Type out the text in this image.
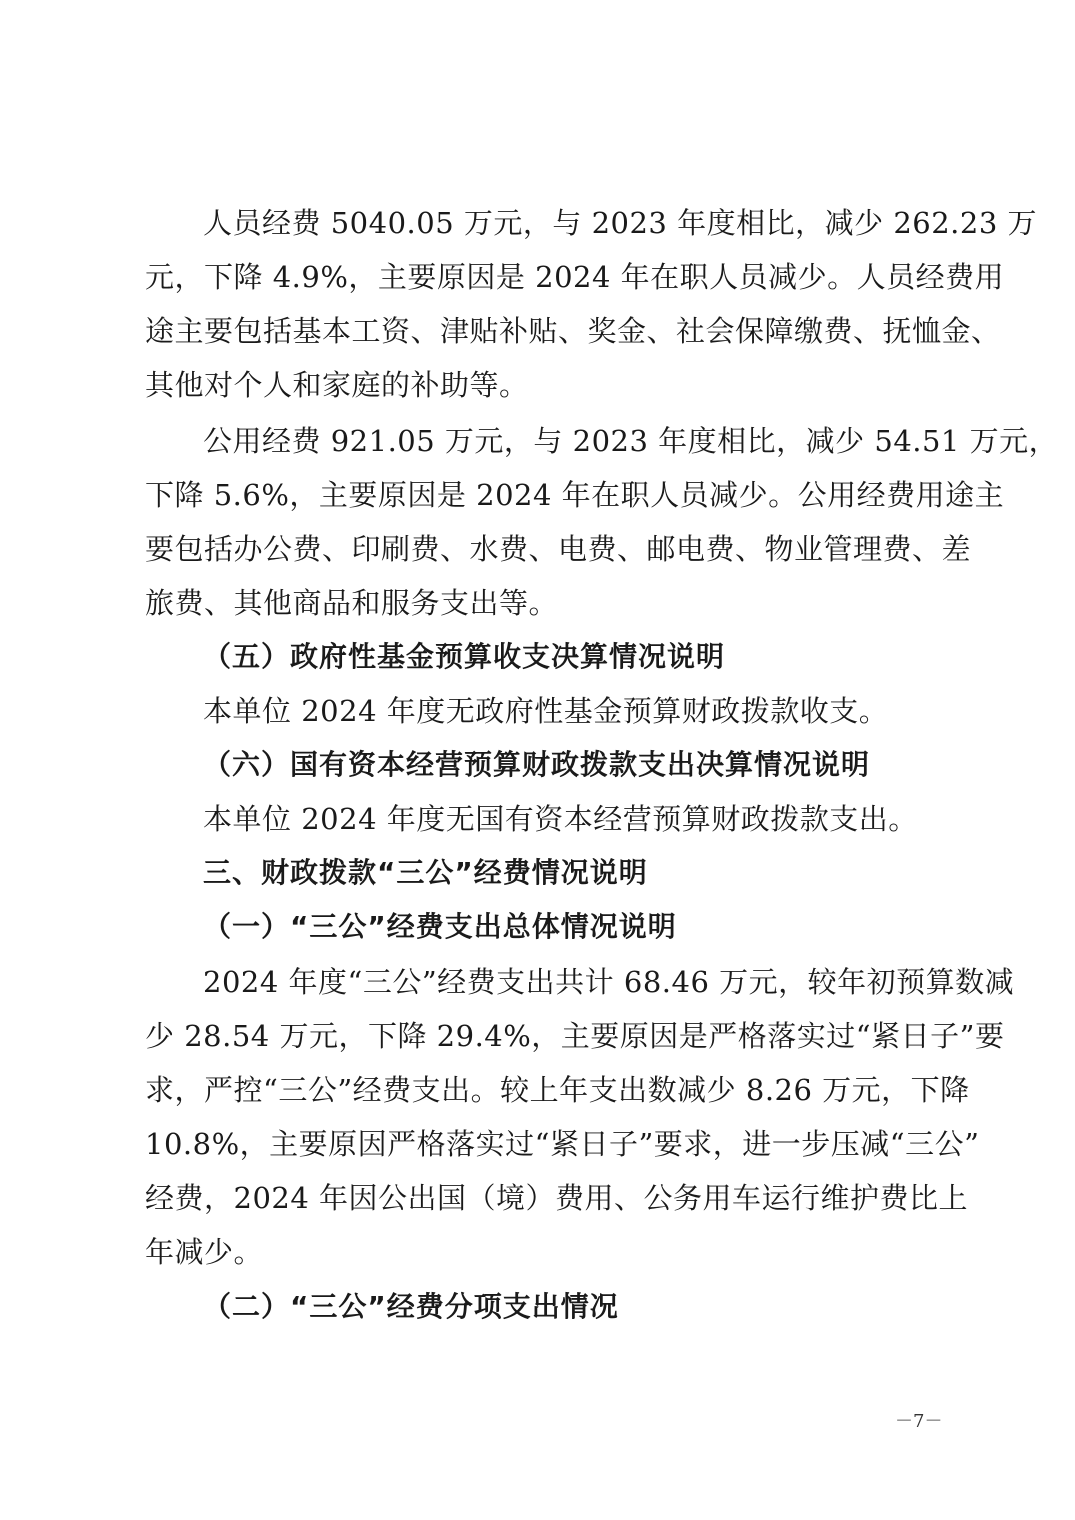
人员经费 5040.05 万元，与 2023 年度相比，减少 262.23 万
元，下降 4.9%，主要原因是 2024 年在职人员减少。人员经费用
途主要包括基本工资、津贴补贴、奖金、社会保障缴费、抚恤金、
其他对个人和家庭的补助等。
公用经费 921.05 万元，与 2023 年度相比，减少 54.51 万元，
下降 5.6%，主要原因是 2024 年在职人员减少。公用经费用途主
要包括办公费、印刷费、水费、电费、邮电费、物业管理费、差
旅费、其他商品和服务支出等。
（五）政府性基金预算收支决算情况说明
本单位 2024 年度无政府性基金预算财政拨款收支。
（六）国有资本经营预算财政拨款支出决算情况说明
本单位 2024 年度无国有资本经营预算财政拨款支出。
三、财政拨款“三公”经费情况说明
（一）“三公”经费支出总体情况说明
2024 年度“三公”经费支出共计 68.46 万元，较年初预算数减
少 28.54 万元，下降 29.4%，主要原因是严格落实过“紧日子”要
求，严控“三公”经费支出。较上年支出数减少 8.26 万元，下降
10.8%，主要原因严格落实过“紧日子”要求，进一步压减“三公”
经费，2024 年因公出国（境）费用、公务用车运行维护费比上
年减少。
（二）“三公”经费分项支出情况
－7－
